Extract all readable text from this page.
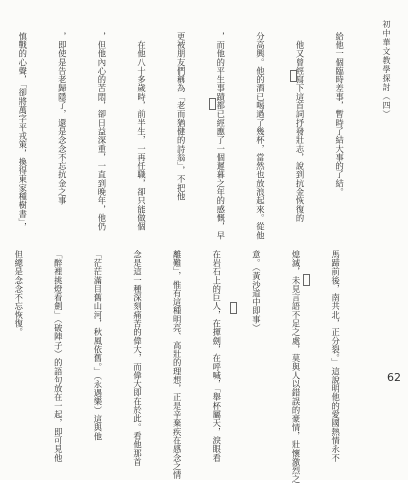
初中華文教學探討（四）
62

給他一個臨時差事，暫時了結大事的了結。

　他又曾經寫下這首詞抒發壯志，說到抗金恢復的

分高興。他的酒已喝過了幾杯，當然也放浪起來。從他

，而他的平生事蹟都已經應了一個遲暮之年的感慨，早

更被朋友們稱為「老而猶健的詩翁」，不把他

　在他八十多歲時，前半生，一再任職，卻只能做個

，但他內心的苦悶，卻日益深重，一直到晚年，他仍

，即使是告老歸隱了，還是念念不忘抗金之事

慎戰的心聲，「卻將萬字平戎策，換得東家種樹書」，

馬蹄前後，南共北，正分裂。」這說明他的愛國熱情永不

熄滅，未見言語不足之處，莫與人以錯誤的豪情，壯懷激烈之

意。（黃沙道中即事）　　　　　　　　　　　　　　　

在岩石上的巨人，在揮劍，在呼喊，「舉杯屬天，淚眼看

離難」，惟有這種明亮、高壯的理想，正是辛棄疾在感念之情

念是這一種深刻痛苦的偉大，而偉大即在於此。看他那首

「茫茫滿目舊山河，秋風依舊。」（永遇樂）這與他

「醉裡挑燈看劍」（破陣子）的語句放在一起，即可見他

但總是念念不忘恢復。
